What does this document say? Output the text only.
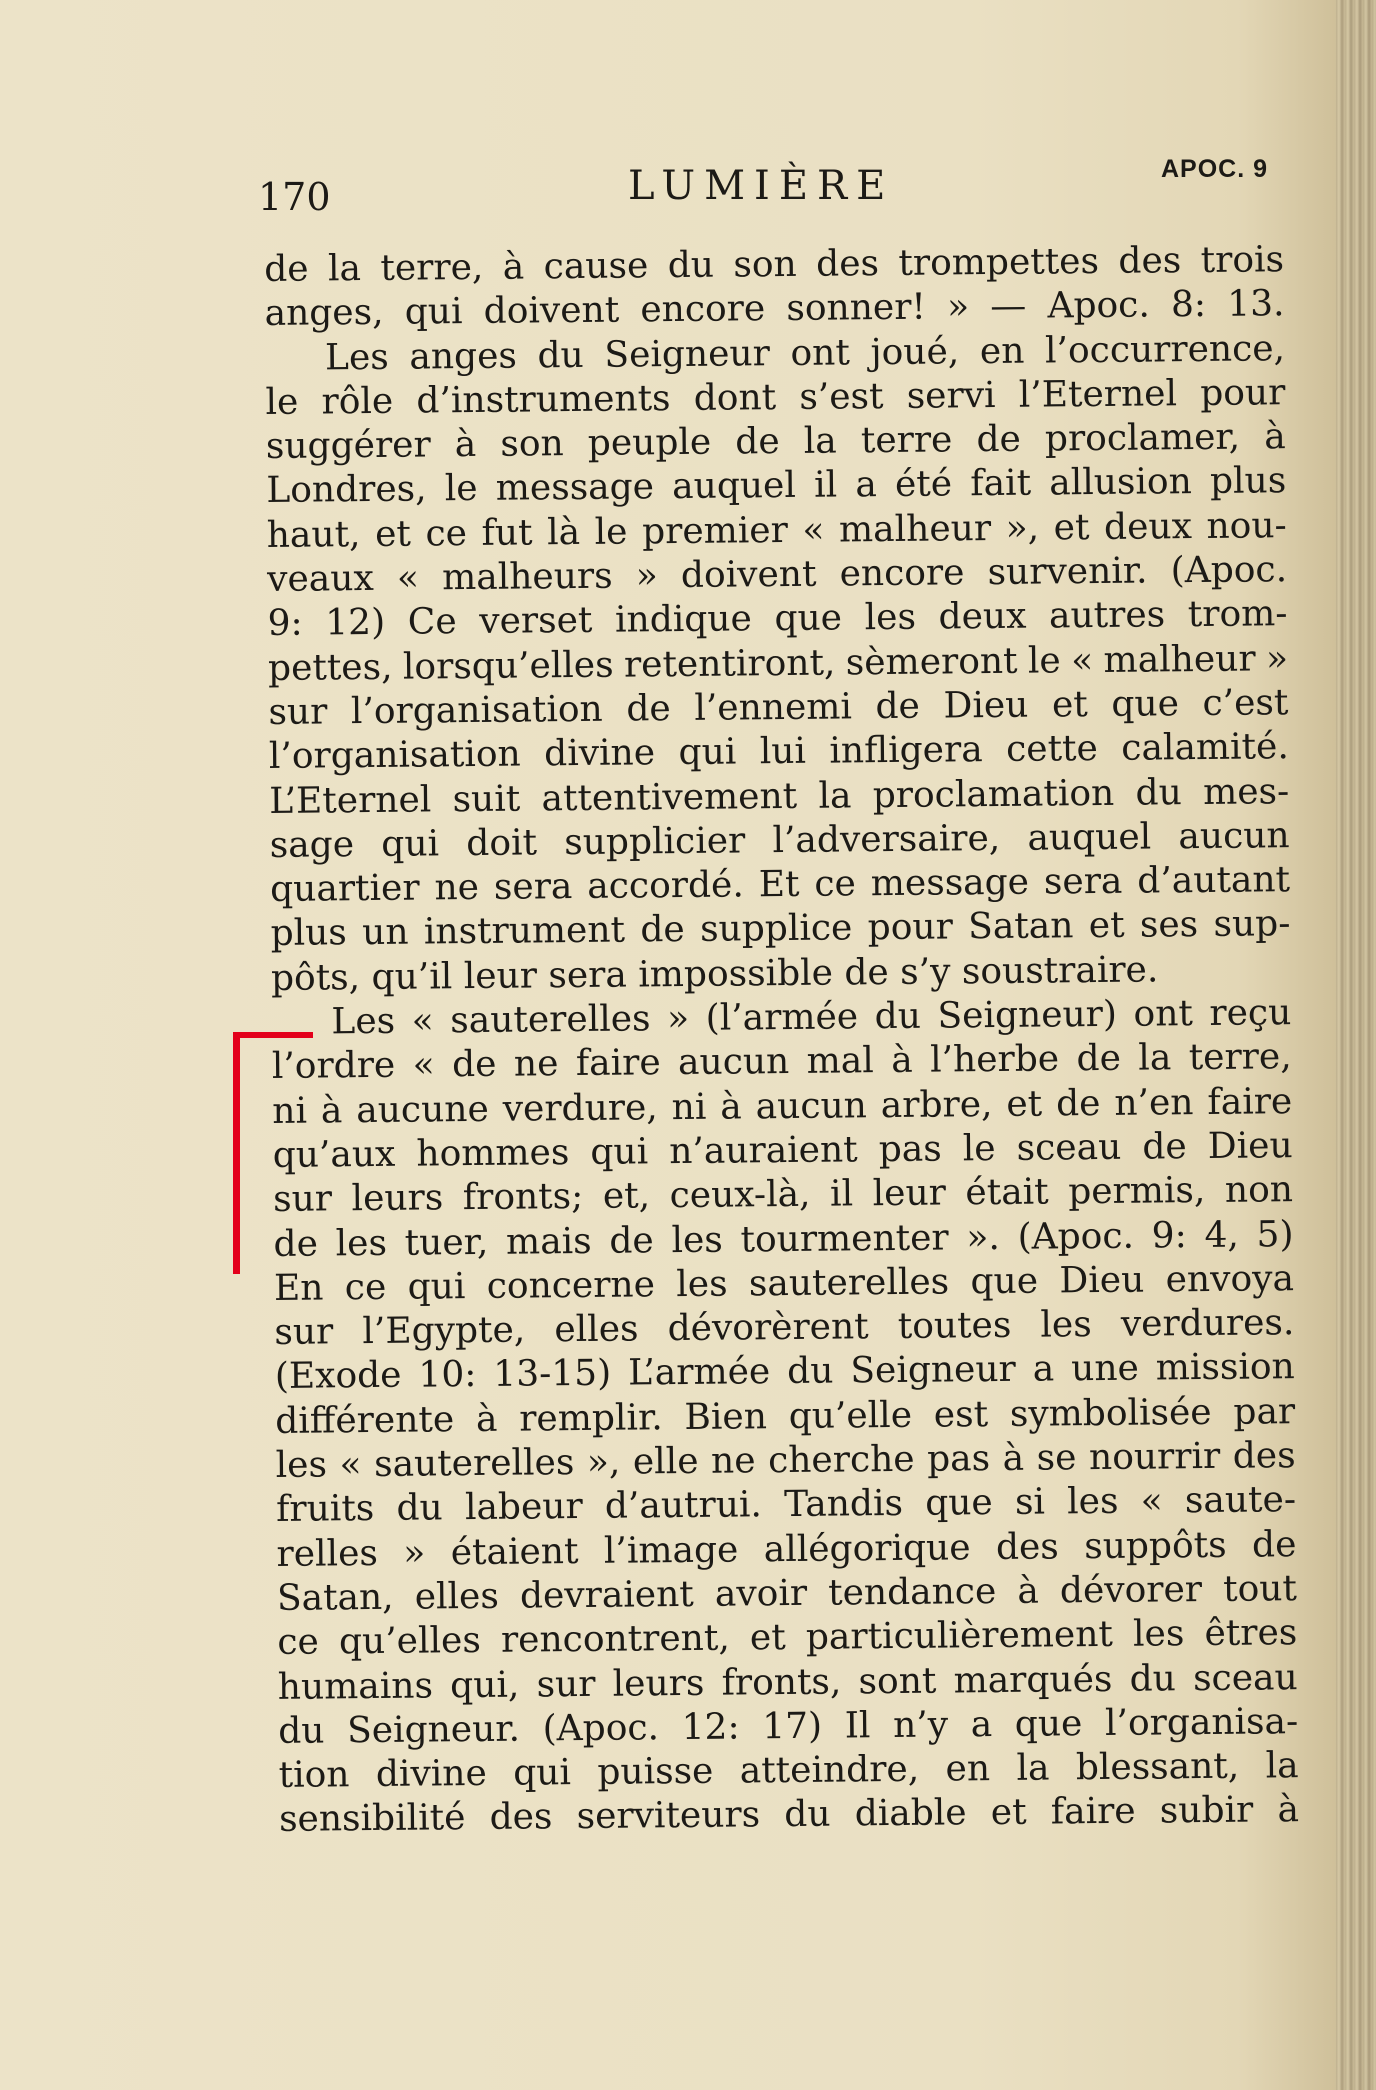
170	LUMIÈRE	APOC. 9
de la terre, à cause du son des trompettes des trois
anges, qui doivent encore sonner! » — Apoc. 8: 13.
Les anges du Seigneur ont joué, en l’occurrence,
le rôle d’instruments dont s’est servi l’Eternel pour
suggérer à son peuple de la terre de proclamer, à
Londres, le message auquel il a été fait allusion plus
haut, et ce fut là le premier « malheur », et deux nou-
veaux « malheurs » doivent encore survenir. (Apoc.
9: 12) Ce verset indique que les deux autres trom-
pettes, lorsqu’elles retentiront, sèmeront le « malheur »
sur l’organisation de l’ennemi de Dieu et que c’est
l’organisation divine qui lui infligera cette calamité.
L’Eternel suit attentivement la proclamation du mes-
sage qui doit supplicier l’adversaire, auquel aucun
quartier ne sera accordé. Et ce message sera d’autant
plus un instrument de supplice pour Satan et ses sup-
pôts, qu’il leur sera impossible de s’y soustraire.
Les « sauterelles » (l’armée du Seigneur) ont reçu
l’ordre « de ne faire aucun mal à l’herbe de la terre,
ni à aucune verdure, ni à aucun arbre, et de n’en faire
qu’aux hommes qui n’auraient pas le sceau de Dieu
sur leurs fronts; et, ceux-là, il leur était permis, non
de les tuer, mais de les tourmenter ». (Apoc. 9: 4, 5)
En ce qui concerne les sauterelles que Dieu envoya
sur l’Egypte, elles dévorèrent toutes les verdures.
(Exode 10: 13-15) L’armée du Seigneur a une mission
différente à remplir. Bien qu’elle est symbolisée par
les « sauterelles », elle ne cherche pas à se nourrir des
fruits du labeur d’autrui. Tandis que si les « saute-
relles » étaient l’image allégorique des suppôts de
Satan, elles devraient avoir tendance à dévorer tout
ce qu’elles rencontrent, et particulièrement les êtres
humains qui, sur leurs fronts, sont marqués du sceau
du Seigneur. (Apoc. 12: 17) Il n’y a que l’organisa-
tion divine qui puisse atteindre, en la blessant, la
sensibilité des serviteurs du diable et faire subir à
